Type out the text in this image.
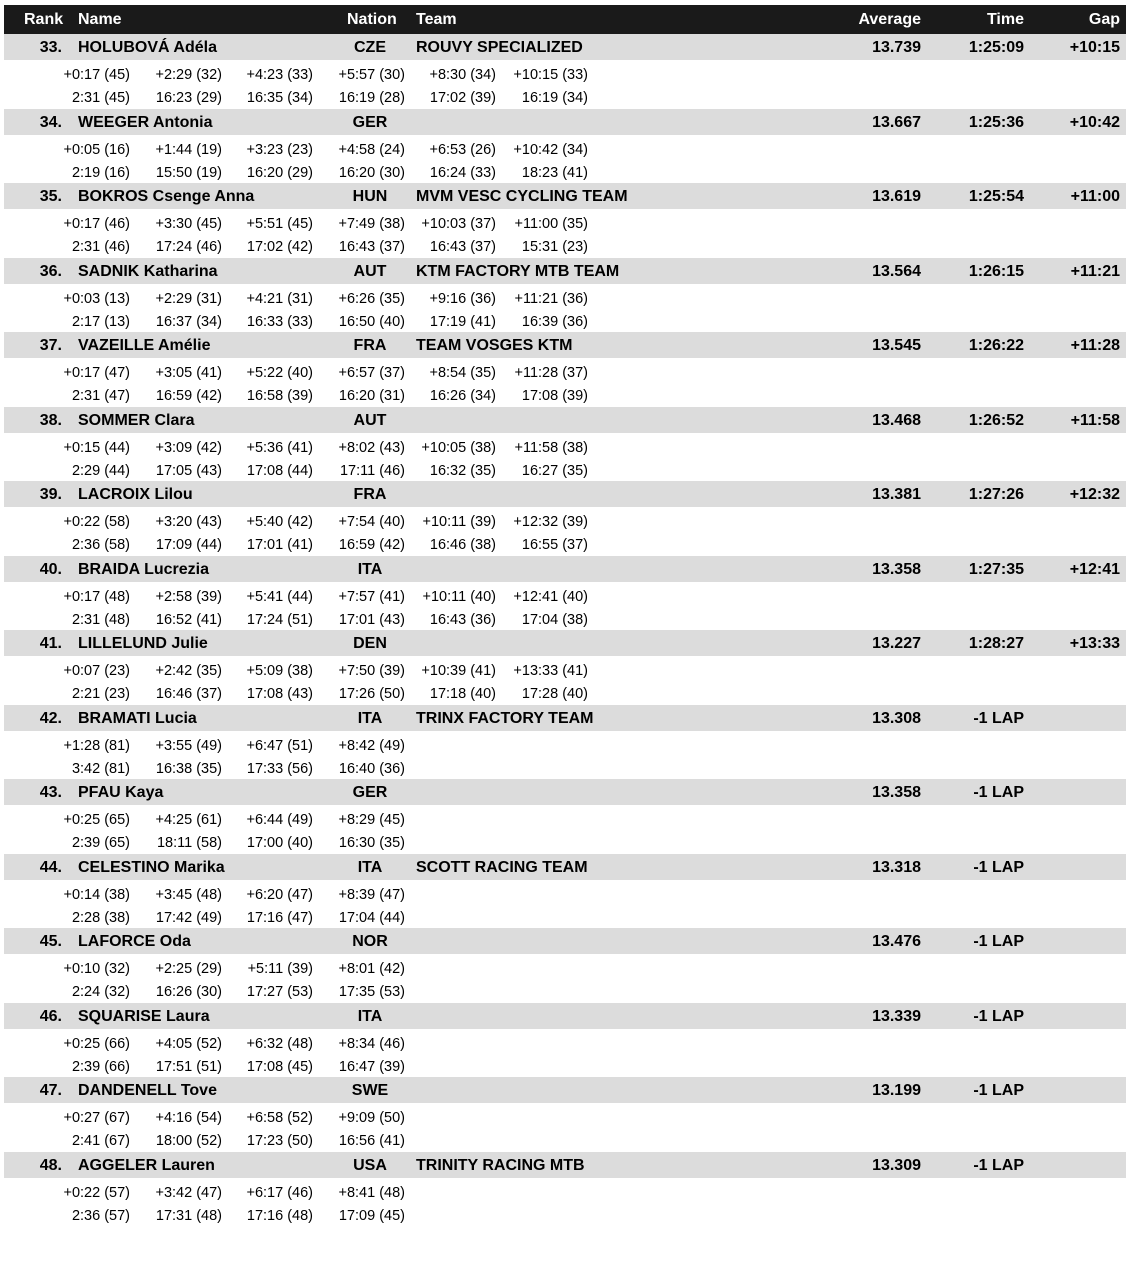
Rank Name	Nation Team	Average	Time	Gap
33. HOLUBOVÁ Adéla	CZE	ROUVY SPECIALIZED	13.739	1:25:09	+10:15
+0:17 (45)	+2:29 (32)	+4:23 (33)	+5:57 (30)	+8:30 (34)	+10:15 (33)
2:31 (45)	16:23 (29)	16:35 (34)	16:19 (28)	17:02 (39)	16:19 (34)
34. WEEGER Antonia	GER	13.667	1:25:36	+10:42
+0:05 (16)	+1:44 (19)	+3:23 (23)	+4:58 (24)	+6:53 (26)	+10:42 (34)
2:19 (16)	15:50 (19)	16:20 (29)	16:20 (30)	16:24 (33)	18:23 (41)
35. BOKROS Csenge Anna	HUN	MVM VESC CYCLING TEAM	13.619	1:25:54	+11:00
+0:17 (46)	+3:30 (45)	+5:51 (45)	+7:49 (38)	+10:03 (37)	+11:00 (35)
2:31 (46)	17:24 (46)	17:02 (42)	16:43 (37)	16:43 (37)	15:31 (23)
36. SADNIK Katharina	AUT	KTM FACTORY MTB TEAM	13.564	1:26:15	+11:21
+0:03 (13)	+2:29 (31)	+4:21 (31)	+6:26 (35)	+9:16 (36)	+11:21 (36)
2:17 (13)	16:37 (34)	16:33 (33)	16:50 (40)	17:19 (41)	16:39 (36)
37. VAZEILLE Amélie	FRA	TEAM VOSGES KTM	13.545	1:26:22	+11:28
+0:17 (47)	+3:05 (41)	+5:22 (40)	+6:57 (37)	+8:54 (35)	+11:28 (37)
2:31 (47)	16:59 (42)	16:58 (39)	16:20 (31)	16:26 (34)	17:08 (39)
38. SOMMER Clara	AUT	13.468	1:26:52	+11:58
+0:15 (44)	+3:09 (42)	+5:36 (41)	+8:02 (43)	+10:05 (38)	+11:58 (38)
2:29 (44)	17:05 (43)	17:08 (44)	17:11 (46)	16:32 (35)	16:27 (35)
39. LACROIX Lilou	FRA	13.381	1:27:26	+12:32
+0:22 (58)	+3:20 (43)	+5:40 (42)	+7:54 (40)	+10:11 (39)	+12:32 (39)
2:36 (58)	17:09 (44)	17:01 (41)	16:59 (42)	16:46 (38)	16:55 (37)
40. BRAIDA Lucrezia	ITA	13.358	1:27:35	+12:41
+0:17 (48)	+2:58 (39)	+5:41 (44)	+7:57 (41)	+10:11 (40)	+12:41 (40)
2:31 (48)	16:52 (41)	17:24 (51)	17:01 (43)	16:43 (36)	17:04 (38)
41. LILLELUND Julie	DEN	13.227	1:28:27	+13:33
+0:07 (23)	+2:42 (35)	+5:09 (38)	+7:50 (39)	+10:39 (41)	+13:33 (41)
2:21 (23)	16:46 (37)	17:08 (43)	17:26 (50)	17:18 (40)	17:28 (40)
42. BRAMATI Lucia	ITA	TRINX FACTORY TEAM	13.308	-1 LAP
+1:28 (81)	+3:55 (49)	+6:47 (51)	+8:42 (49)
3:42 (81)	16:38 (35)	17:33 (56)	16:40 (36)
43. PFAU Kaya	GER	13.358	-1 LAP
+0:25 (65)	+4:25 (61)	+6:44 (49)	+8:29 (45)
2:39 (65)	18:11 (58)	17:00 (40)	16:30 (35)
44. CELESTINO Marika	ITA	SCOTT RACING TEAM	13.318	-1 LAP
+0:14 (38)	+3:45 (48)	+6:20 (47)	+8:39 (47)
2:28 (38)	17:42 (49)	17:16 (47)	17:04 (44)
45. LAFORCE Oda	NOR	13.476	-1 LAP
+0:10 (32)	+2:25 (29)	+5:11 (39)	+8:01 (42)
2:24 (32)	16:26 (30)	17:27 (53)	17:35 (53)
46. SQUARISE Laura	ITA	13.339	-1 LAP
+0:25 (66)	+4:05 (52)	+6:32 (48)	+8:34 (46)
2:39 (66)	17:51 (51)	17:08 (45)	16:47 (39)
47. DANDENELL Tove	SWE	13.199	-1 LAP
+0:27 (67)	+4:16 (54)	+6:58 (52)	+9:09 (50)
2:41 (67)	18:00 (52)	17:23 (50)	16:56 (41)
48. AGGELER Lauren	USA	TRINITY RACING MTB	13.309	-1 LAP
+0:22 (57)	+3:42 (47)	+6:17 (46)	+8:41 (48)
2:36 (57)	17:31 (48)	17:16 (48)	17:09 (45)
